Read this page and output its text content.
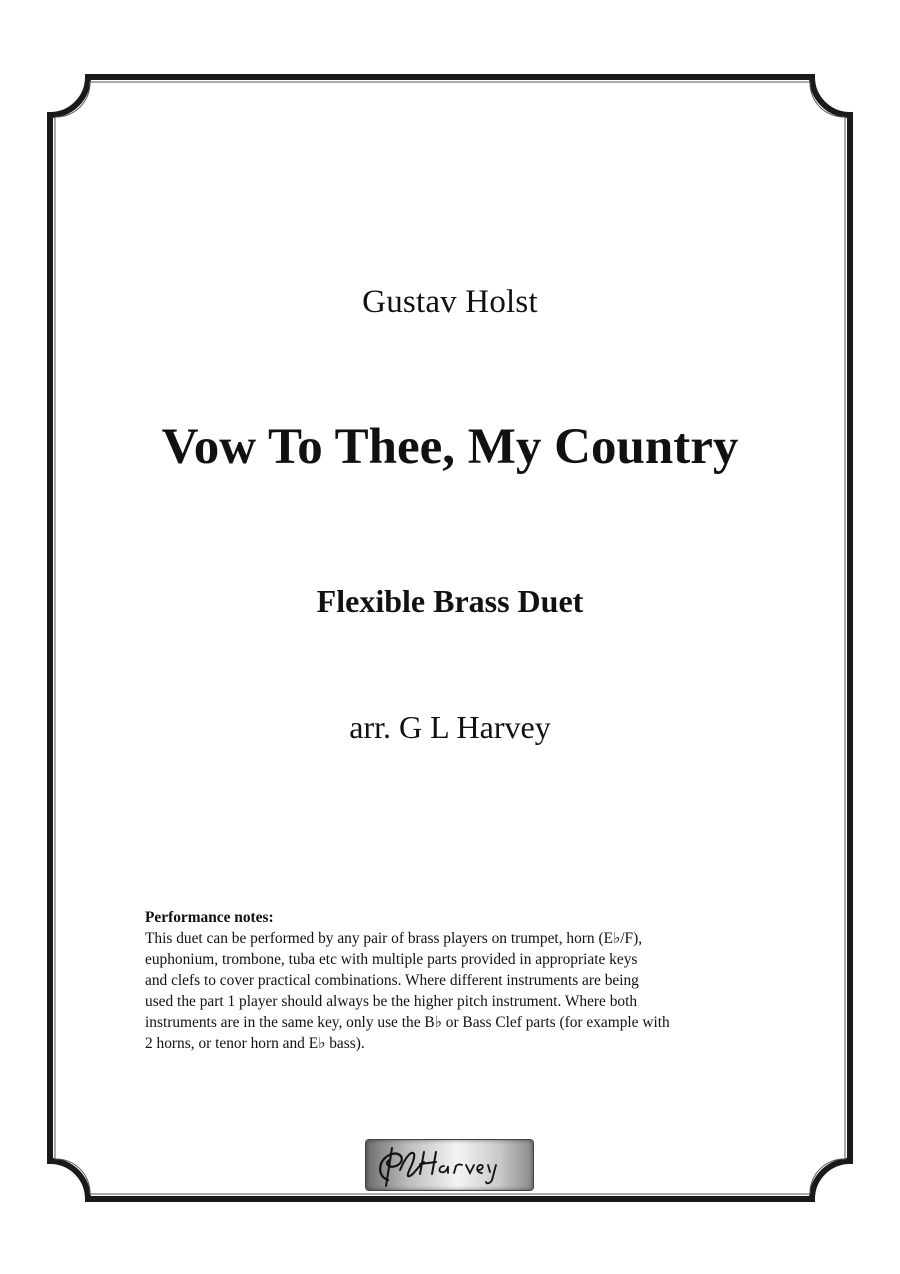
Gustav Holst
Vow To Thee, My Country
Flexible Brass Duet
arr. G L Harvey
Performance notes:
This duet can be performed by any pair of brass players on trumpet, horn (E♭/F),
euphonium, trombone, tuba etc with multiple parts provided in appropriate keys
and clefs to cover practical combinations. Where different instruments are being
used the part 1 player should always be the higher pitch instrument. Where both
instruments are in the same key, only use the B♭ or Bass Clef parts (for example with
2 horns, or tenor horn and E♭ bass).
